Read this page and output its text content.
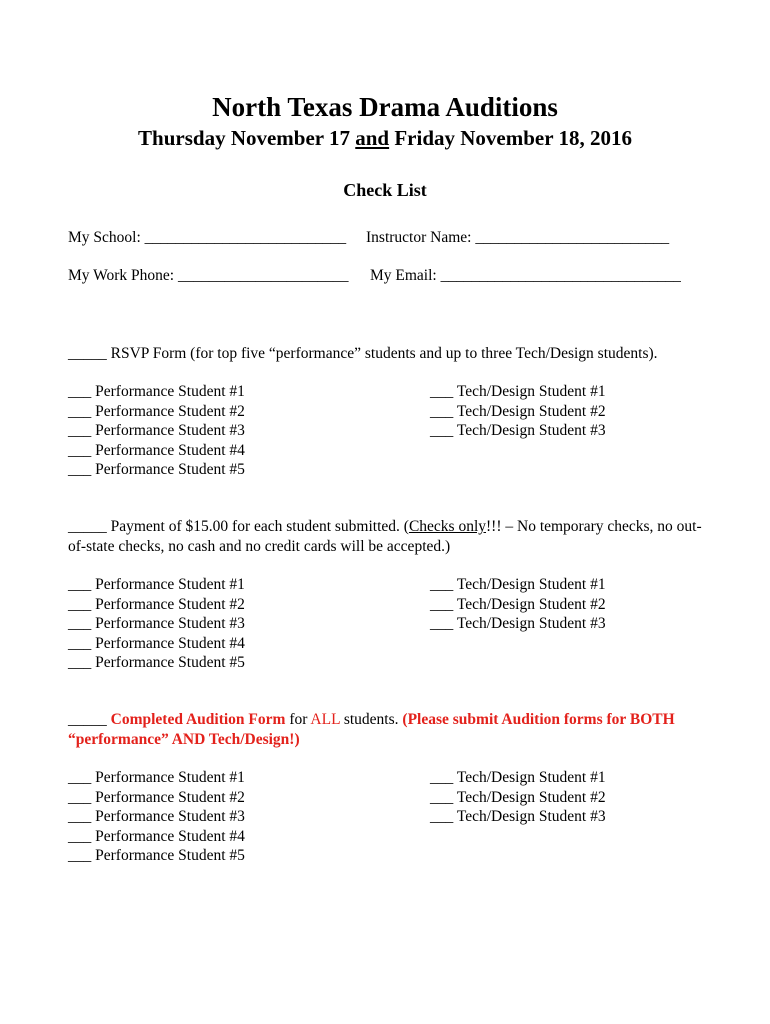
North Texas Drama Auditions
Thursday November 17 and Friday November 18, 2016
Check List
My School: __________________________ Instructor Name: _________________________
My Work Phone: ______________________ My Email: _______________________________
_____ RSVP Form (for top five “performance” students and up to three Tech/Design students).
___ Performance Student #1
___ Performance Student #2
___ Performance Student #3
___ Performance Student #4
___ Performance Student #5
___ Tech/Design Student #1
___ Tech/Design Student #2
___ Tech/Design Student #3
_____ Payment of $15.00 for each student submitted. (Checks only!!! – No temporary checks, no out-of-state checks, no cash and no credit cards will be accepted.)
___ Performance Student #1
___ Performance Student #2
___ Performance Student #3
___ Performance Student #4
___ Performance Student #5
___ Tech/Design Student #1
___ Tech/Design Student #2
___ Tech/Design Student #3
_____ Completed Audition Form for ALL students. (Please submit Audition forms for BOTH “performance” AND Tech/Design!)
___ Performance Student #1
___ Performance Student #2
___ Performance Student #3
___ Performance Student #4
___ Performance Student #5
___ Tech/Design Student #1
___ Tech/Design Student #2
___ Tech/Design Student #3
